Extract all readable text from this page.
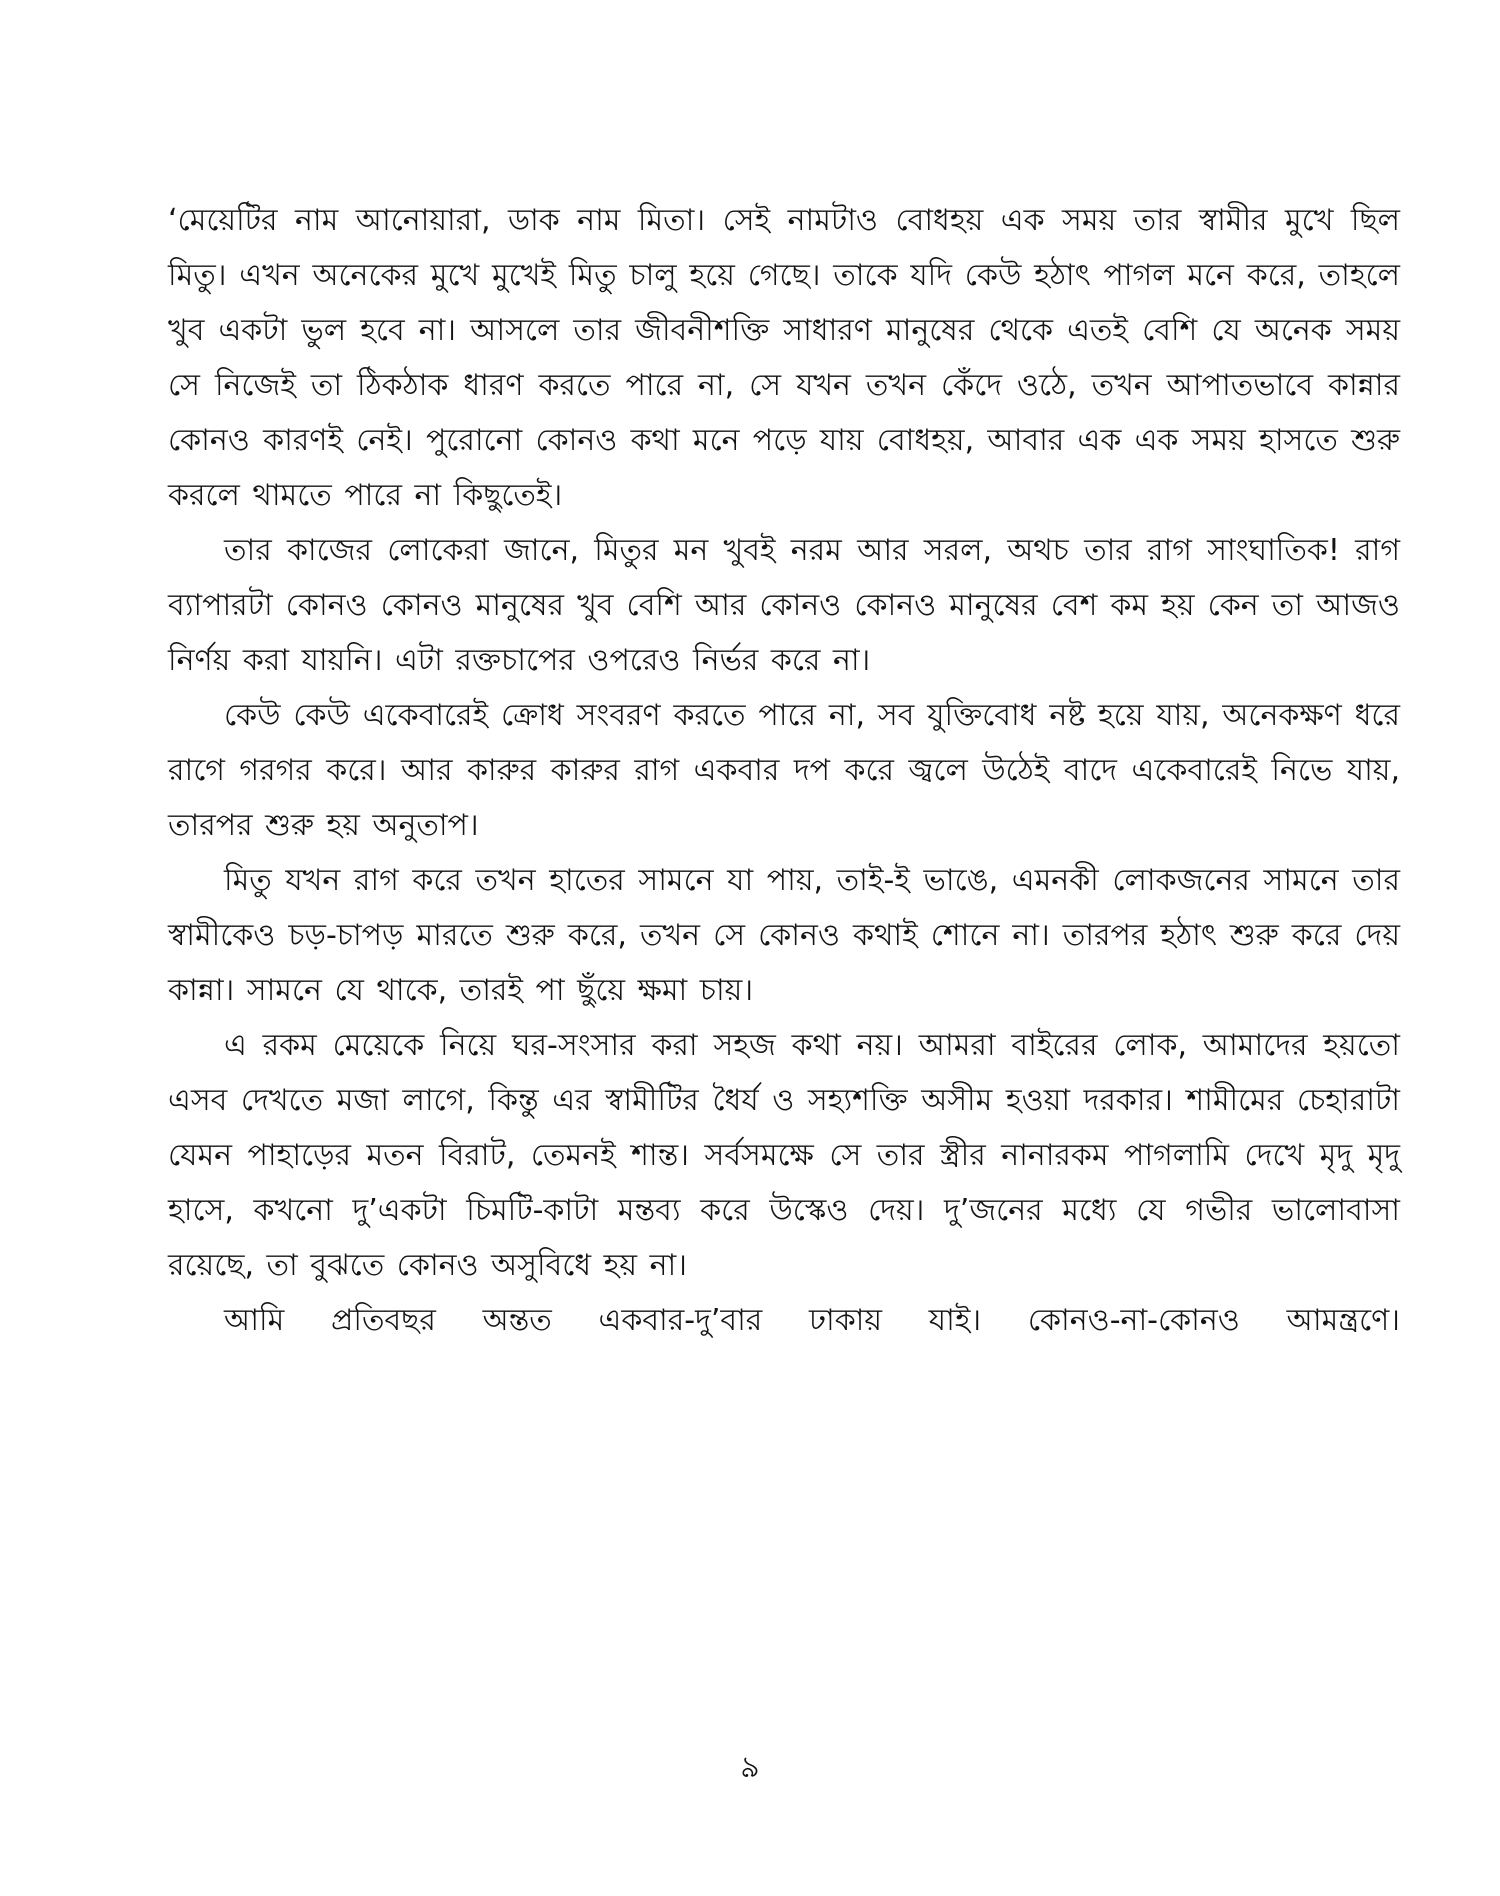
‘মেয়েটির নাম আনোয়ারা, ডাক নাম মিতা। সেই নামটাও বোধহয় এক সময় তার স্বামীর মুখে ছিল মিতু। এখন অনেকের মুখে মুখেই মিতু চালু হয়ে গেছে। তাকে যদি কেউ হঠাৎ পাগল মনে করে, তাহলে খুব একটা ভুল হবে না। আসলে তার জীবনীশক্তি সাধারণ মানুষের থেকে এতই বেশি যে অনেক সময় সে নিজেই তা ঠিকঠাক ধারণ করতে পারে না, সে যখন তখন কেঁদে ওঠে, তখন আপাতভাবে কান্নার কোনও কারণই নেই। পুরোনো কোনও কথা মনে পড়ে যায় বোধহয়, আবার এক এক সময় হাসতে শুরু করলে থামতে পারে না কিছুতেই।

তার কাজের লোকেরা জানে, মিতুর মন খুবই নরম আর সরল, অথচ তার রাগ সাংঘাতিক! রাগ ব্যাপারটা কোনও কোনও মানুষের খুব বেশি আর কোনও কোনও মানুষের বেশ কম হয় কেন তা আজও নির্ণয় করা যায়নি। এটা রক্তচাপের ওপরেও নির্ভর করে না।

কেউ কেউ একেবারেই ক্রোধ সংবরণ করতে পারে না, সব যুক্তিবোধ নষ্ট হয়ে যায়, অনেকক্ষণ ধরে রাগে গরগর করে। আর কারুর কারুর রাগ একবার দপ করে জ্বলে উঠেই বাদে একেবারেই নিভে যায়, তারপর শুরু হয় অনুতাপ।

মিতু যখন রাগ করে তখন হাতের সামনে যা পায়, তাই-ই ভাঙে, এমনকী লোকজনের সামনে তার স্বামীকেও চড়-চাপড় মারতে শুরু করে, তখন সে কোনও কথাই শোনে না। তারপর হঠাৎ শুরু করে দেয় কান্না। সামনে যে থাকে, তারই পা ছুঁয়ে ক্ষমা চায়।

এ রকম মেয়েকে নিয়ে ঘর-সংসার করা সহজ কথা নয়। আমরা বাইরের লোক, আমাদের হয়তো এসব দেখতে মজা লাগে, কিন্তু এর স্বামীটির ধৈর্য ও সহ্যশক্তি অসীম হওয়া দরকার। শামীমের চেহারাটা যেমন পাহাড়ের মতন বিরাট, তেমনই শান্ত। সর্বসমক্ষে সে তার স্ত্রীর নানারকম পাগলামি দেখে মৃদু মৃদু হাসে, কখনো দু’একটা চিমটি-কাটা মন্তব্য করে উস্কেও দেয়। দু’জনের মধ্যে যে গভীর ভালোবাসা রয়েছে, তা বুঝতে কোনও অসুবিধে হয় না।

আমি প্রতিবছর অন্তত একবার-দু’বার ঢাকায় যাই। কোনও-না-কোনও আমন্ত্রণে।

৯
